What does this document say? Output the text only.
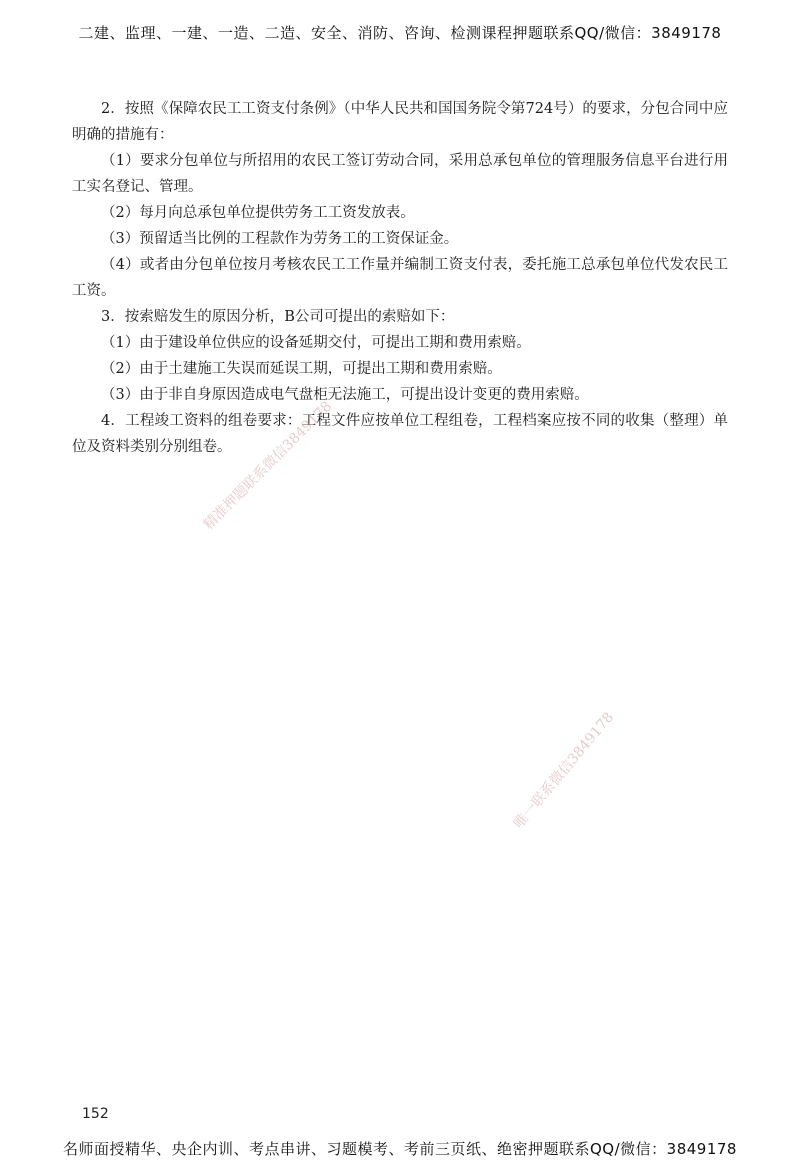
二建、监理、一建、一造、二造、安全、消防、咨询、检测课程押题联系QQ/微信：3849178

2．按照《保障农民工工资支付条例》（中华人民共和国国务院令第724号）的要求，分包合同中应明确的措施有：

（1）要求分包单位与所招用的农民工签订劳动合同，采用总承包单位的管理服务信息平台进行用工实名登记、管理。

（2）每月向总承包单位提供劳务工工资发放表。

（3）预留适当比例的工程款作为劳务工的工资保证金。

（4）或者由分包单位按月考核农民工工作量并编制工资支付表，委托施工总承包单位代发农民工工资。

3．按索赔发生的原因分析，B公司可提出的索赔如下：

（1）由于建设单位供应的设备延期交付，可提出工期和费用索赔。

（2）由于土建施工失误而延误工期，可提出工期和费用索赔。

（3）由于非自身原因造成电气盘柜无法施工，可提出设计变更的费用索赔。

4．工程竣工资料的组卷要求：工程文件应按单位工程组卷，工程档案应按不同的收集（整理）单位及资料类别分别组卷。

精准押题联系微信3849178
唯一联系微信3849178
152
名师面授精华、央企内训、考点串讲、习题模考、考前三页纸、绝密押题联系QQ/微信：3849178
